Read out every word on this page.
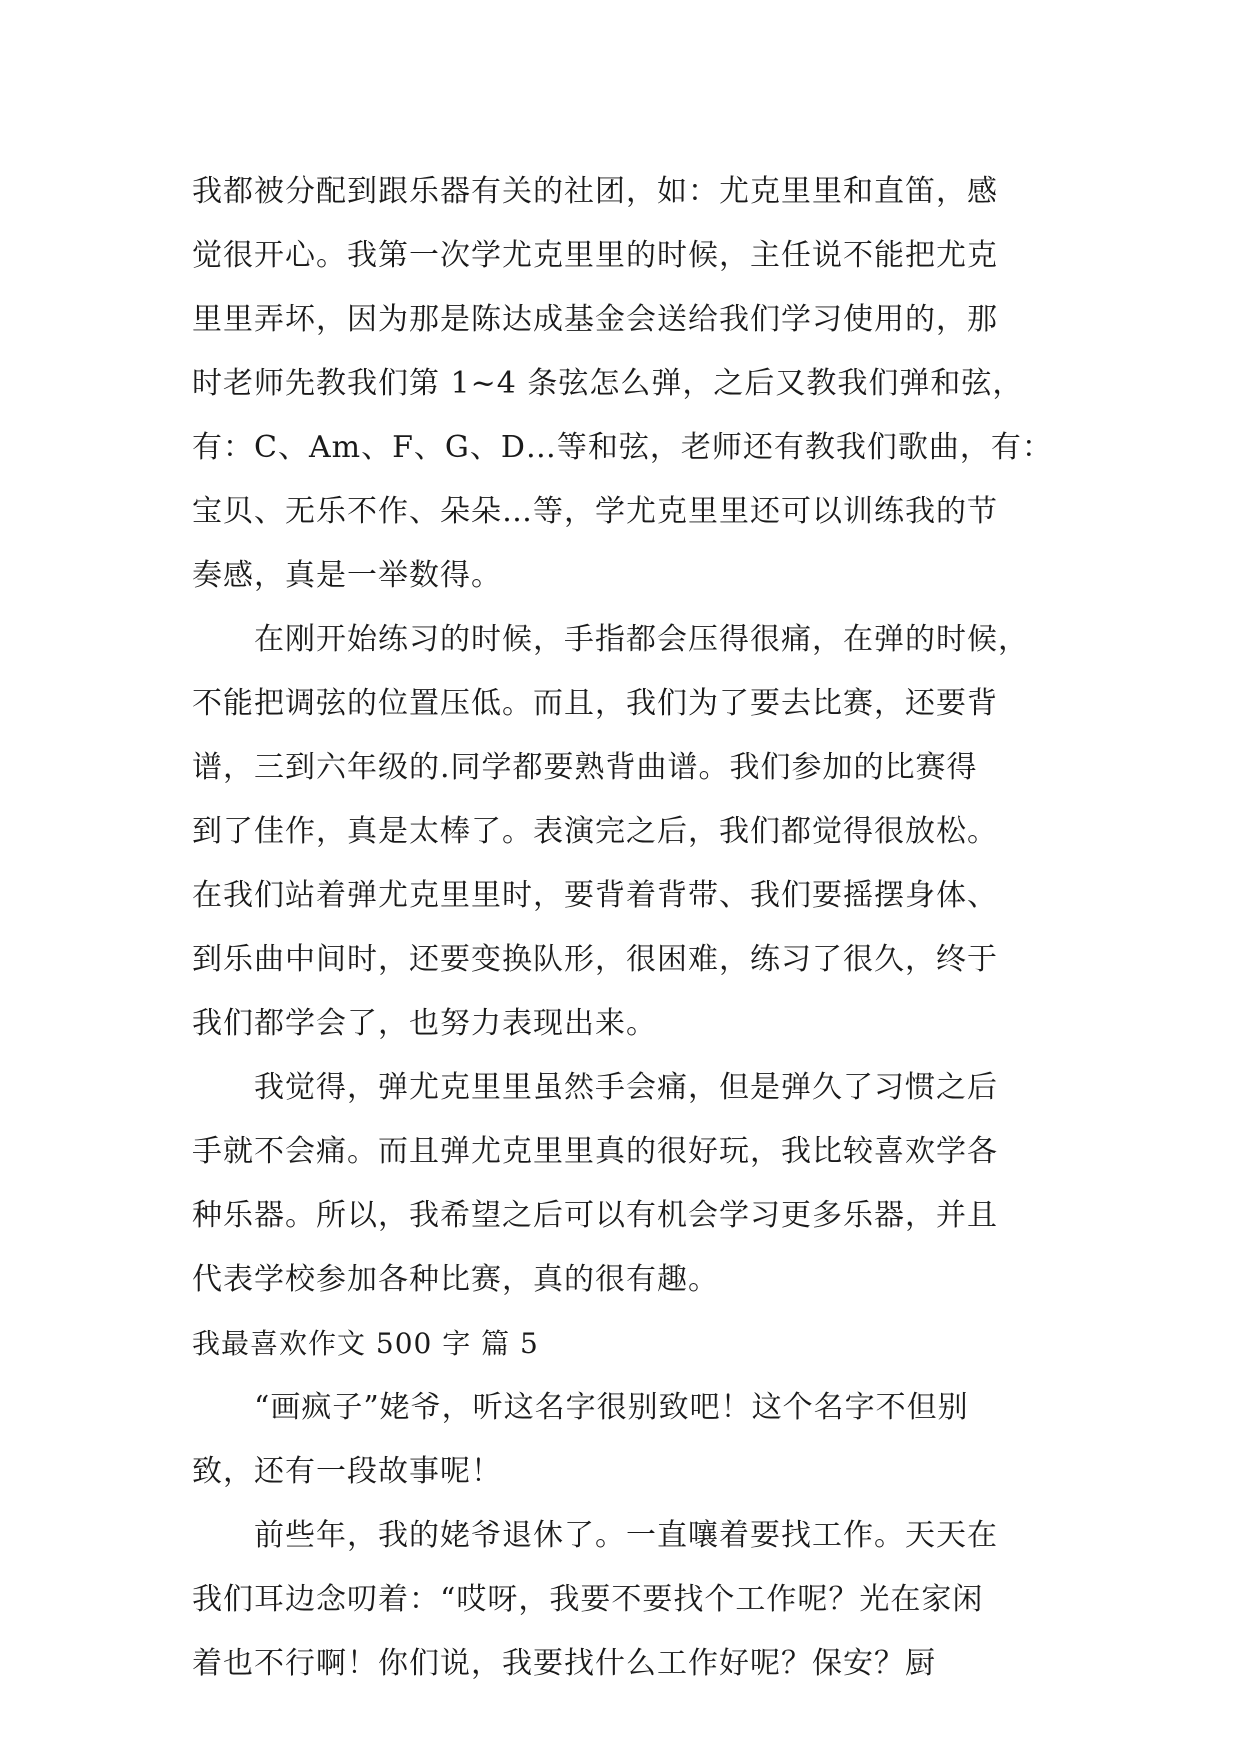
我都被分配到跟乐器有关的社团，如：尤克里里和直笛，感
觉很开心。我第一次学尤克里里的时候，主任说不能把尤克
里里弄坏，因为那是陈达成基金会送给我们学习使用的，那
时老师先教我们第 1~4 条弦怎么弹，之后又教我们弹和弦，
有：C、Am、F、G、D…等和弦，老师还有教我们歌曲，有：
宝贝、无乐不作、朵朵…等，学尤克里里还可以训练我的节
奏感，真是一举数得。
在刚开始练习的时候，手指都会压得很痛，在弹的时候，
不能把调弦的位置压低。而且，我们为了要去比赛，还要背
谱，三到六年级的.同学都要熟背曲谱。我们参加的比赛得
到了佳作，真是太棒了。表演完之后，我们都觉得很放松。
在我们站着弹尤克里里时，要背着背带、我们要摇摆身体、
到乐曲中间时，还要变换队形，很困难，练习了很久，终于
我们都学会了，也努力表现出来。
我觉得，弹尤克里里虽然手会痛，但是弹久了习惯之后
手就不会痛。而且弹尤克里里真的很好玩，我比较喜欢学各
种乐器。所以，我希望之后可以有机会学习更多乐器，并且
代表学校参加各种比赛，真的很有趣。
我最喜欢作文 500 字 篇 5
“画疯子”姥爷，听这名字很别致吧！这个名字不但别
致，还有一段故事呢！
前些年，我的姥爷退休了。一直嚷着要找工作。天天在
我们耳边念叨着：“哎呀，我要不要找个工作呢？光在家闲
着也不行啊！你们说，我要找什么工作好呢？保安？厨
